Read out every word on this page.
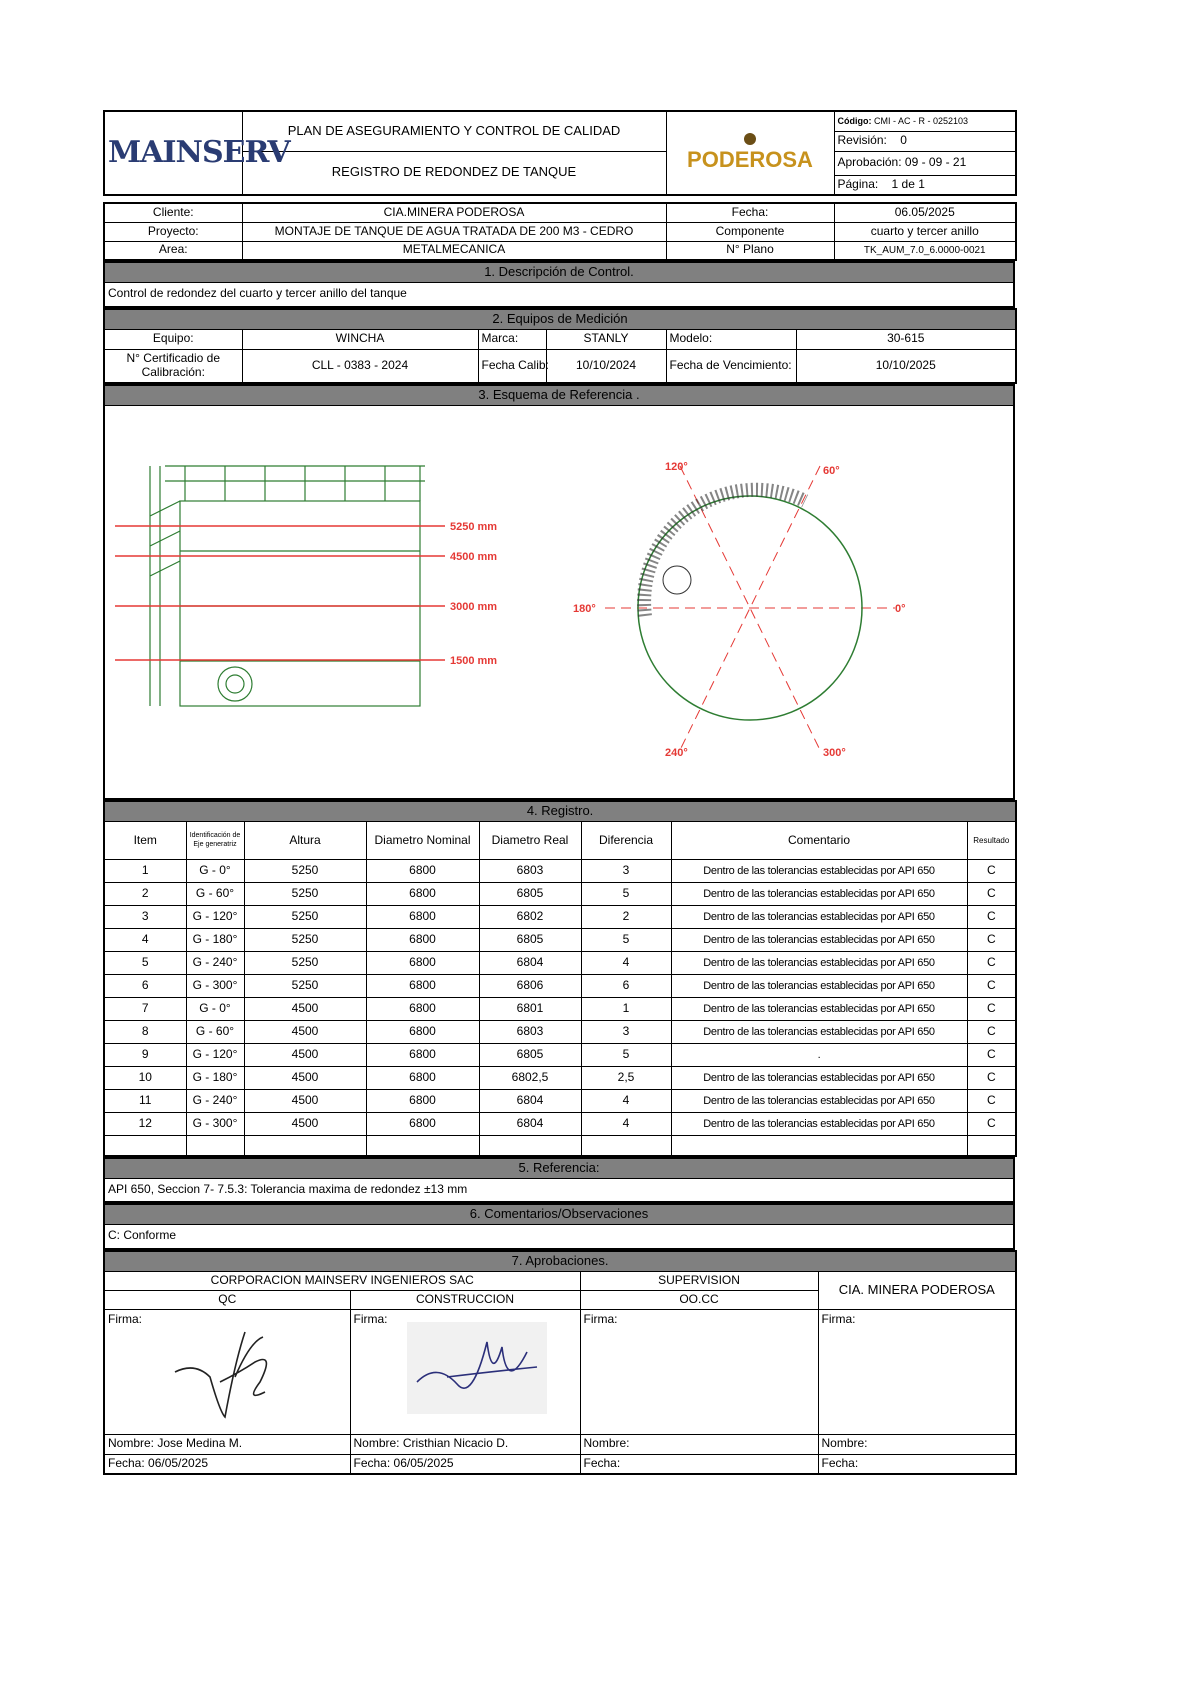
MAINSERV	PLAN DE ASEGURAMIENTO Y CONTROL DE CALIDAD	PODEROSA	Código: CMI - AC - R - 0252103
			Revisión: 0
	REGISTRO DE REDONDEZ DE TANQUE		Aprobación: 09 - 09 - 21
			Página: 1 de 1
Cliente:	CIA.MINERA PODEROSA	Fecha:	06.05/2025
Proyecto:	MONTAJE DE TANQUE DE AGUA TRATADA DE 200 M3 - CEDRO	Componente	cuarto y tercer anillo
Area:	METALMECANICA	N° Plano	TK_AUM_7.0_6.0000-0021
1. Descripción de Control.
Control de redondez del cuarto y tercer anillo del tanque
2. Equipos de Medición					
Equipo:	WINCHA	Marca:	STANLY	Modelo:	30-615
N° Certificadio de
Calibración:	CLL - 0383 - 2024	Fecha Calib:	10/10/2024	Fecha de Vencimiento:	10/10/2025
3. Esquema de Referencia .

5250 mm
4500 mm
3000 mm
1500 mm
120°	60°
180°	0°
240°	300°
4. Registro.							
Item	Identificación de Eje generatriz	Altura	Diametro Nominal	Diametro Real	Diferencia	Comentario	Resultado
1	G - 0°	5250	6800	6803	3	Dentro de las tolerancias establecidas por API 650	C
2	G - 60°	5250	6800	6805	5	Dentro de las tolerancias establecidas por API 650	C
3	G - 120°	5250	6800	6802	2	Dentro de las tolerancias establecidas por API 650	C
4	G - 180°	5250	6800	6805	5	Dentro de las tolerancias establecidas por API 650	C
5	G - 240°	5250	6800	6804	4	Dentro de las tolerancias establecidas por API 650	C
6	G - 300°	5250	6800	6806	6	Dentro de las tolerancias establecidas por API 650	C
7	G - 0°	4500	6800	6801	1	Dentro de las tolerancias establecidas por API 650	C
8	G - 60°	4500	6800	6803	3	Dentro de las tolerancias establecidas por API 650	C
9	G - 120°	4500	6800	6805	5	.	C
10	G - 180°	4500	6800	6802,5	2,5	Dentro de las tolerancias establecidas por API 650	C
11	G - 240°	4500	6800	6804	4	Dentro de las tolerancias establecidas por API 650	C
12	G - 300°	4500	6800	6804	4	Dentro de las tolerancias establecidas por API 650	C

5. Referencia:
API 650, Seccion 7- 7.5.3: Tolerancia maxima de redondez ±13 mm
6. Comentarios/Observaciones
C: Conforme
7. Aprobaciones.			
CORPORACION MAINSERV INGENIEROS SAC		SUPERVISION	CIA. MINERA PODEROSA
QC	CONSTRUCCION	OO.CC	
Firma:	Firma:	Firma:	Firma:
Nombre: Jose Medina M.	Nombre: Cristhian Nicacio D.	Nombre:	Nombre:
Fecha: 06/05/2025	Fecha: 06/05/2025	Fecha:	Fecha:
